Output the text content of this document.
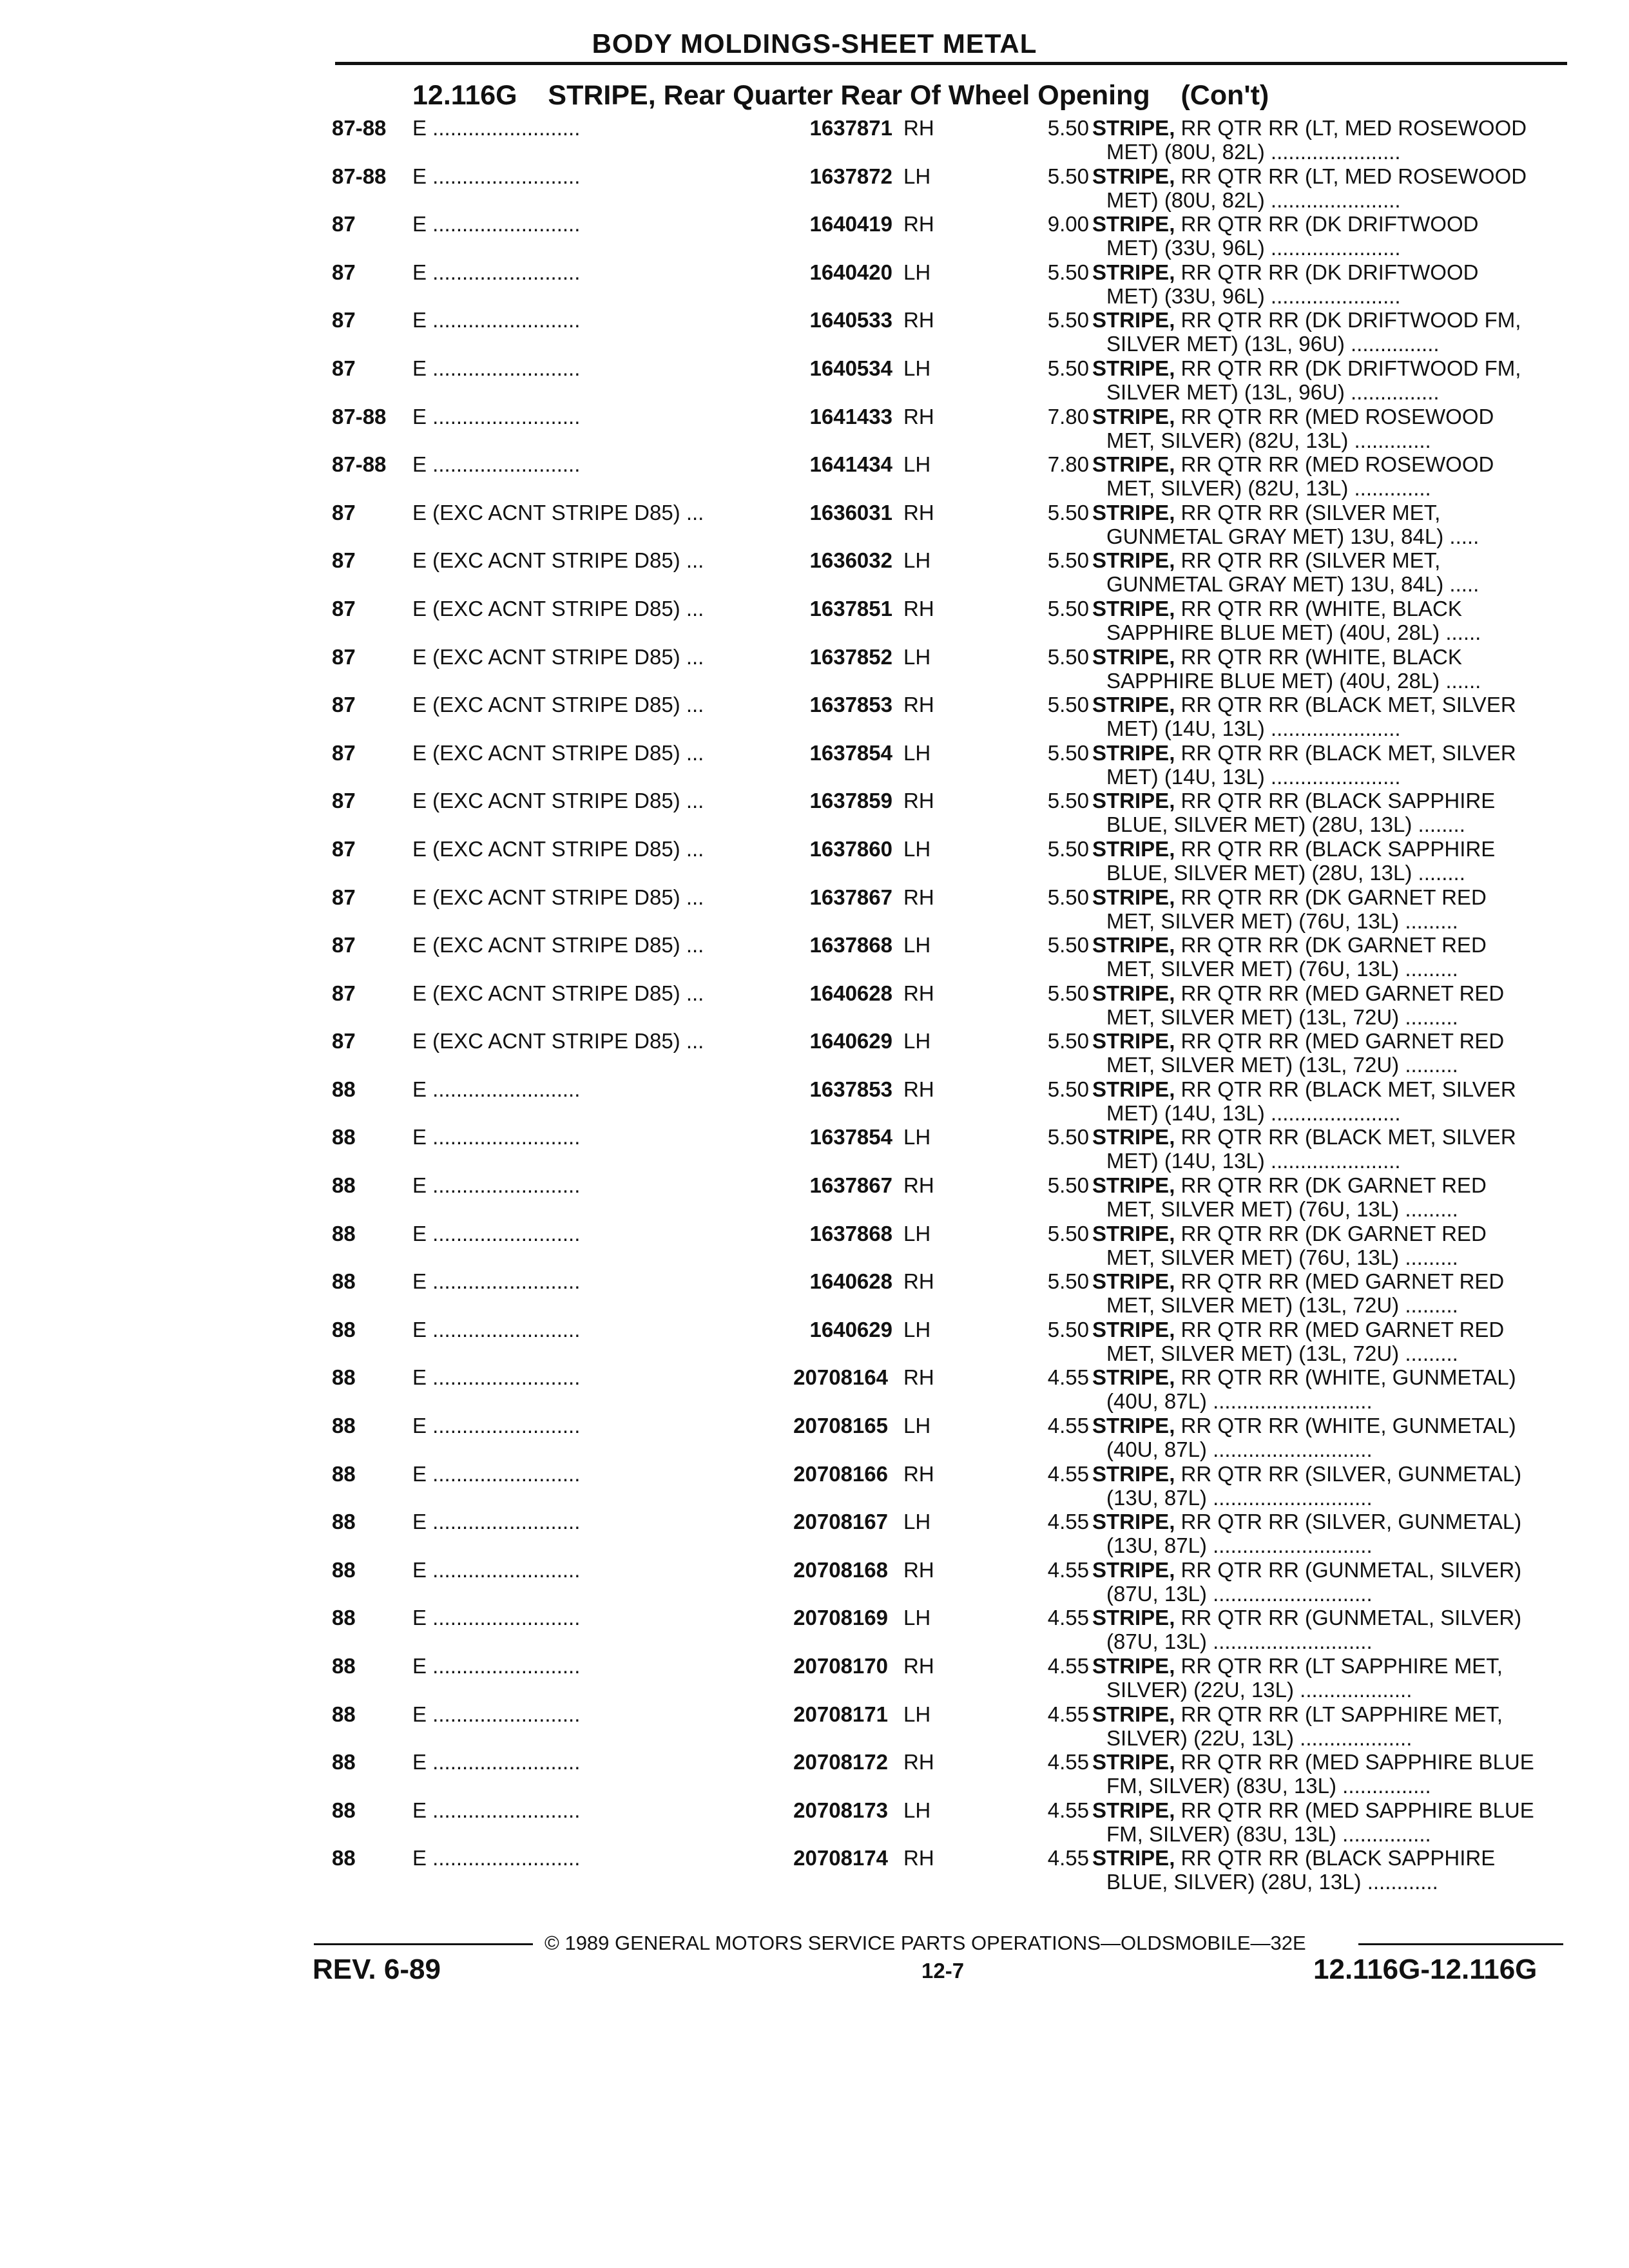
BODY MOLDINGS-SHEET METAL
12.116G STRIPE, Rear Quarter Rear Of Wheel Opening (Con't)
87-88 E .........................	1637871 RH	5.50 STRIPE, RR QTR RR (LT, MED ROSEWOOD
MET) (80U, 82L) ......................
87-88 E .........................	1637872 LH	5.50 STRIPE, RR QTR RR (LT, MED ROSEWOOD
MET) (80U, 82L) ......................
87	E .........................	1640419 RH	9.00 STRIPE, RR QTR RR (DK DRIFTWOOD
MET) (33U, 96L) ......................
87	E .........................	1640420 LH	5.50 STRIPE, RR QTR RR (DK DRIFTWOOD
MET) (33U, 96L) ......................
87	E .........................	1640533 RH	5.50 STRIPE, RR QTR RR (DK DRIFTWOOD FM,
SILVER MET) (13L, 96U) ...............
87	E .........................	1640534 LH	5.50 STRIPE, RR QTR RR (DK DRIFTWOOD FM,
SILVER MET) (13L, 96U) ...............
87-88 E .........................	1641433 RH	7.80 STRIPE, RR QTR RR (MED ROSEWOOD
MET, SILVER) (82U, 13L) .............
87-88 E .........................	1641434 LH	7.80 STRIPE, RR QTR RR (MED ROSEWOOD
MET, SILVER) (82U, 13L) .............
87	E (EXC ACNT STRIPE D85) ...	1636031 RH	5.50 STRIPE, RR QTR RR (SILVER MET,
GUNMETAL GRAY MET) 13U, 84L) .....
87	E (EXC ACNT STRIPE D85) ...	1636032 LH	5.50 STRIPE, RR QTR RR (SILVER MET,
GUNMETAL GRAY MET) 13U, 84L) .....
87	E (EXC ACNT STRIPE D85) ...	1637851 RH	5.50 STRIPE, RR QTR RR (WHITE, BLACK
SAPPHIRE BLUE MET) (40U, 28L) ......
87	E (EXC ACNT STRIPE D85) ...	1637852 LH	5.50 STRIPE, RR QTR RR (WHITE, BLACK
SAPPHIRE BLUE MET) (40U, 28L) ......
87	E (EXC ACNT STRIPE D85) ...	1637853 RH	5.50 STRIPE, RR QTR RR (BLACK MET, SILVER
MET) (14U, 13L) ......................
87	E (EXC ACNT STRIPE D85) ...	1637854 LH	5.50 STRIPE, RR QTR RR (BLACK MET, SILVER
MET) (14U, 13L) ......................
87	E (EXC ACNT STRIPE D85) ...	1637859 RH	5.50 STRIPE, RR QTR RR (BLACK SAPPHIRE
BLUE, SILVER MET) (28U, 13L) ........
87	E (EXC ACNT STRIPE D85) ...	1637860 LH	5.50 STRIPE, RR QTR RR (BLACK SAPPHIRE
BLUE, SILVER MET) (28U, 13L) ........
87	E (EXC ACNT STRIPE D85) ...	1637867 RH	5.50 STRIPE, RR QTR RR (DK GARNET RED
MET, SILVER MET) (76U, 13L) .........
87	E (EXC ACNT STRIPE D85) ...	1637868 LH	5.50 STRIPE, RR QTR RR (DK GARNET RED
MET, SILVER MET) (76U, 13L) .........
87	E (EXC ACNT STRIPE D85) ...	1640628 RH	5.50 STRIPE, RR QTR RR (MED GARNET RED
MET, SILVER MET) (13L, 72U) .........
87	E (EXC ACNT STRIPE D85) ...	1640629 LH	5.50 STRIPE, RR QTR RR (MED GARNET RED
MET, SILVER MET) (13L, 72U) .........
88	E .........................	1637853 RH	5.50 STRIPE, RR QTR RR (BLACK MET, SILVER
MET) (14U, 13L) ......................
88	E .........................	1637854 LH	5.50 STRIPE, RR QTR RR (BLACK MET, SILVER
MET) (14U, 13L) ......................
88	E .........................	1637867 RH	5.50 STRIPE, RR QTR RR (DK GARNET RED
MET, SILVER MET) (76U, 13L) .........
88	E .........................	1637868 LH	5.50 STRIPE, RR QTR RR (DK GARNET RED
MET, SILVER MET) (76U, 13L) .........
88	E .........................	1640628 RH	5.50 STRIPE, RR QTR RR (MED GARNET RED
MET, SILVER MET) (13L, 72U) .........
88	E .........................	1640629 LH	5.50 STRIPE, RR QTR RR (MED GARNET RED
MET, SILVER MET) (13L, 72U) .........
88	E .........................	20708164 RH	4.55 STRIPE, RR QTR RR (WHITE, GUNMETAL)
(40U, 87L) ...........................
88	E .........................	20708165 LH	4.55 STRIPE, RR QTR RR (WHITE, GUNMETAL)
(40U, 87L) ...........................
88	E .........................	20708166 RH	4.55 STRIPE, RR QTR RR (SILVER, GUNMETAL)
(13U, 87L) ...........................
88	E .........................	20708167 LH	4.55 STRIPE, RR QTR RR (SILVER, GUNMETAL)
(13U, 87L) ...........................
88	E .........................	20708168 RH	4.55 STRIPE, RR QTR RR (GUNMETAL, SILVER)
(87U, 13L) ...........................
88	E .........................	20708169 LH	4.55 STRIPE, RR QTR RR (GUNMETAL, SILVER)
(87U, 13L) ...........................
88	E .........................	20708170 RH	4.55 STRIPE, RR QTR RR (LT SAPPHIRE MET,
SILVER) (22U, 13L) ...................
88	E .........................	20708171 LH	4.55 STRIPE, RR QTR RR (LT SAPPHIRE MET,
SILVER) (22U, 13L) ...................
88	E .........................	20708172 RH	4.55 STRIPE, RR QTR RR (MED SAPPHIRE BLUE
FM, SILVER) (83U, 13L) ...............
88	E .........................	20708173 LH	4.55 STRIPE, RR QTR RR (MED SAPPHIRE BLUE
FM, SILVER) (83U, 13L) ...............
88	E .........................	20708174 RH	4.55 STRIPE, RR QTR RR (BLACK SAPPHIRE
BLUE, SILVER) (28U, 13L) ............
© 1989 GENERAL MOTORS SERVICE PARTS OPERATIONS—OLDSMOBILE—32E
REV. 6-89	12-7	12.116G-12.116G
